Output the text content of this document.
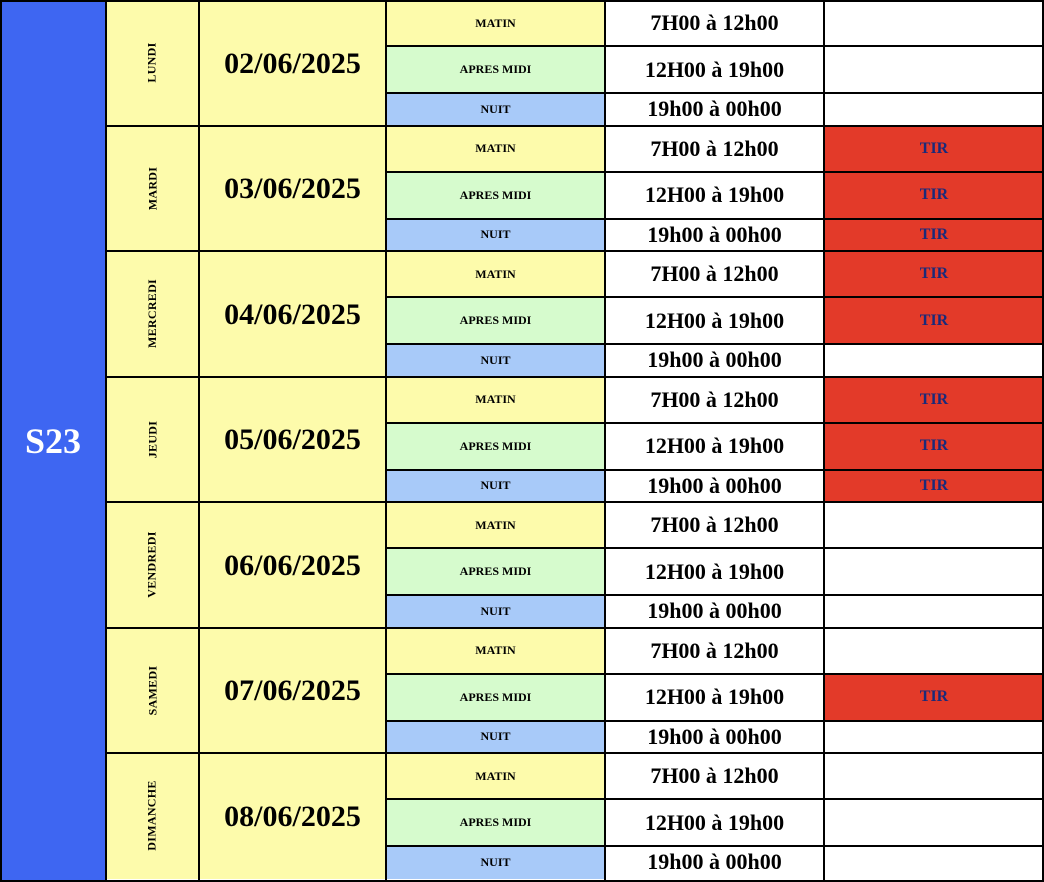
S23
LUNDI 02/06/2025
MATIN	7H00 à 12h00
APRES MIDI	12H00 à 19h00
NUIT	19h00 à 00h00
MARDI 03/06/2025
MATIN	7H00 à 12h00	TIR
APRES MIDI	12H00 à 19h00	TIR
NUIT	19h00 à 00h00	TIR
MERCREDI 04/06/2025
MATIN	7H00 à 12h00	TIR
APRES MIDI	12H00 à 19h00	TIR
NUIT	19h00 à 00h00
JEUDI 05/06/2025
MATIN	7H00 à 12h00	TIR
APRES MIDI	12H00 à 19h00	TIR
NUIT	19h00 à 00h00	TIR
VENDREDI 06/06/2025
MATIN	7H00 à 12h00
APRES MIDI	12H00 à 19h00
NUIT	19h00 à 00h00
SAMEDI 07/06/2025
MATIN	7H00 à 12h00
APRES MIDI	12H00 à 19h00	TIR
NUIT	19h00 à 00h00
DIMANCHE 08/06/2025
MATIN	7H00 à 12h00
APRES MIDI	12H00 à 19h00
NUIT	19h00 à 00h00
